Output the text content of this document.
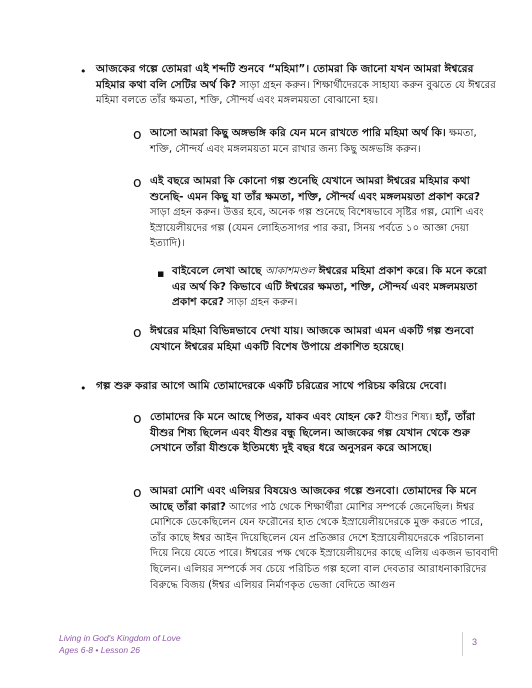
• আজকের গল্পে তোমরা এই শব্দটি শুনবে “মহিমা”। তোমরা কি জানো যখন আমরা ঈশ্বরের মহিমার কথা বলি সেটির অর্থ কি? সাড়া গ্রহন করুন। শিক্ষার্থীদেরকে সাহায্য করুন বুঝতে যে ঈশ্বরের মহিমা বলতে তাঁর ক্ষমতা, শক্তি, সৌন্দর্য এবং মঙ্গলময়তা বোঝানো হয়।
o আসো আমরা কিছু অঙ্গভঙ্গি করি যেন মনে রাখতে পারি মহিমা অর্থ কি। ক্ষমতা, শক্তি, সৌন্দর্য এবং মঙ্গলময়তা মনে রাখার জন্য কিছু অঙ্গভঙ্গি করুন।
o এই বছরে আমরা কি কোনো গল্প শুনেছি যেখানে আমরা ঈশ্বরের মহিমার কথা শুনেছি- এমন কিছু যা তাঁর ক্ষমতা, শক্তি, সৌন্দর্য এবং মঙ্গলময়তা প্রকাশ করে? সাড়া গ্রহন করুন। উত্তর হবে, অনেক গল্প শুনেছে বিশেষভাবে সৃষ্টির গল্প, মোশি এবং ইস্রায়েলীয়দের গল্প (যেমন লোহিতসাগর পার করা, সিনয় পর্বতে ১০ আজ্ঞা দেয়া ইত্যাদি)।
▪ বাইবেলে লেখা আছে আকাশমণ্ডল ঈশ্বরের মহিমা প্রকাশ করে। কি মনে করো এর অর্থ কি? কিভাবে এটি ঈশ্বরের ক্ষমতা, শক্তি, সৌন্দর্য এবং মঙ্গলময়তা প্রকাশ করে? সাড়া গ্রহন করুন।
o ঈশ্বরের মহিমা বিভিন্নভাবে দেখা যায়। আজকে আমরা এমন একটি গল্প শুনবো যেখানে ঈশ্বরের মহিমা একটি বিশেষ উপায়ে প্রকাশিত হয়েছে।
• গল্প শুরু করার আগে আমি তোমাদেরকে একটি চরিত্রের সাথে পরিচয় করিয়ে দেবো।
o তোমাদের কি মনে আছে পিতর, যাকব এবং যোহন কে? যীশুর শিষ্য। হ্যাঁ, তাঁরা যীশুর শিষ্য ছিলেন এবং যীশুর বন্ধু ছিলেন। আজকের গল্প যেখান থেকে শুরু সেখানে তাঁরা যীশুকে ইতিমধ্যে দুই বছর ধরে অনুসরন করে আসছে।
o আমরা মোশি এবং এলিয়র বিষয়েও আজকের গল্পে শুনবো। তোমাদের কি মনে আছে তাঁরা কারা? আগের পাঠ থেকে শিক্ষার্থীরা মোশির সম্পর্কে জেনেছিল। ঈশ্বর মোশিকে ডেকেছিলেন যেন ফরৌনের হাত থেকে ইস্রায়েলীয়দেরকে মুক্ত করতে পারে, তাঁর কাছে ঈশ্বর আইন দিয়েছিলেন যেন প্রতিজ্ঞার দেশে ইস্রায়েলীয়দেরকে পরিচালনা দিয়ে নিয়ে যেতে পারে। ঈশ্বরের পক্ষ থেকে ইস্রায়েলীয়দের কাছে এলিয় একজন ভাববাদী ছিলেন। এলিয়র সম্পর্কে সব চেয়ে পরিচিত গল্প হলো বাল দেবতার আরাধনাকারিদের বিরুদ্ধে বিজয় (ঈশ্বর এলিয়র নির্মাণকৃত ভেজা বেদিতে আগুন
Living in God's Kingdom of Love
Ages 6-8 • Lesson 26
3
